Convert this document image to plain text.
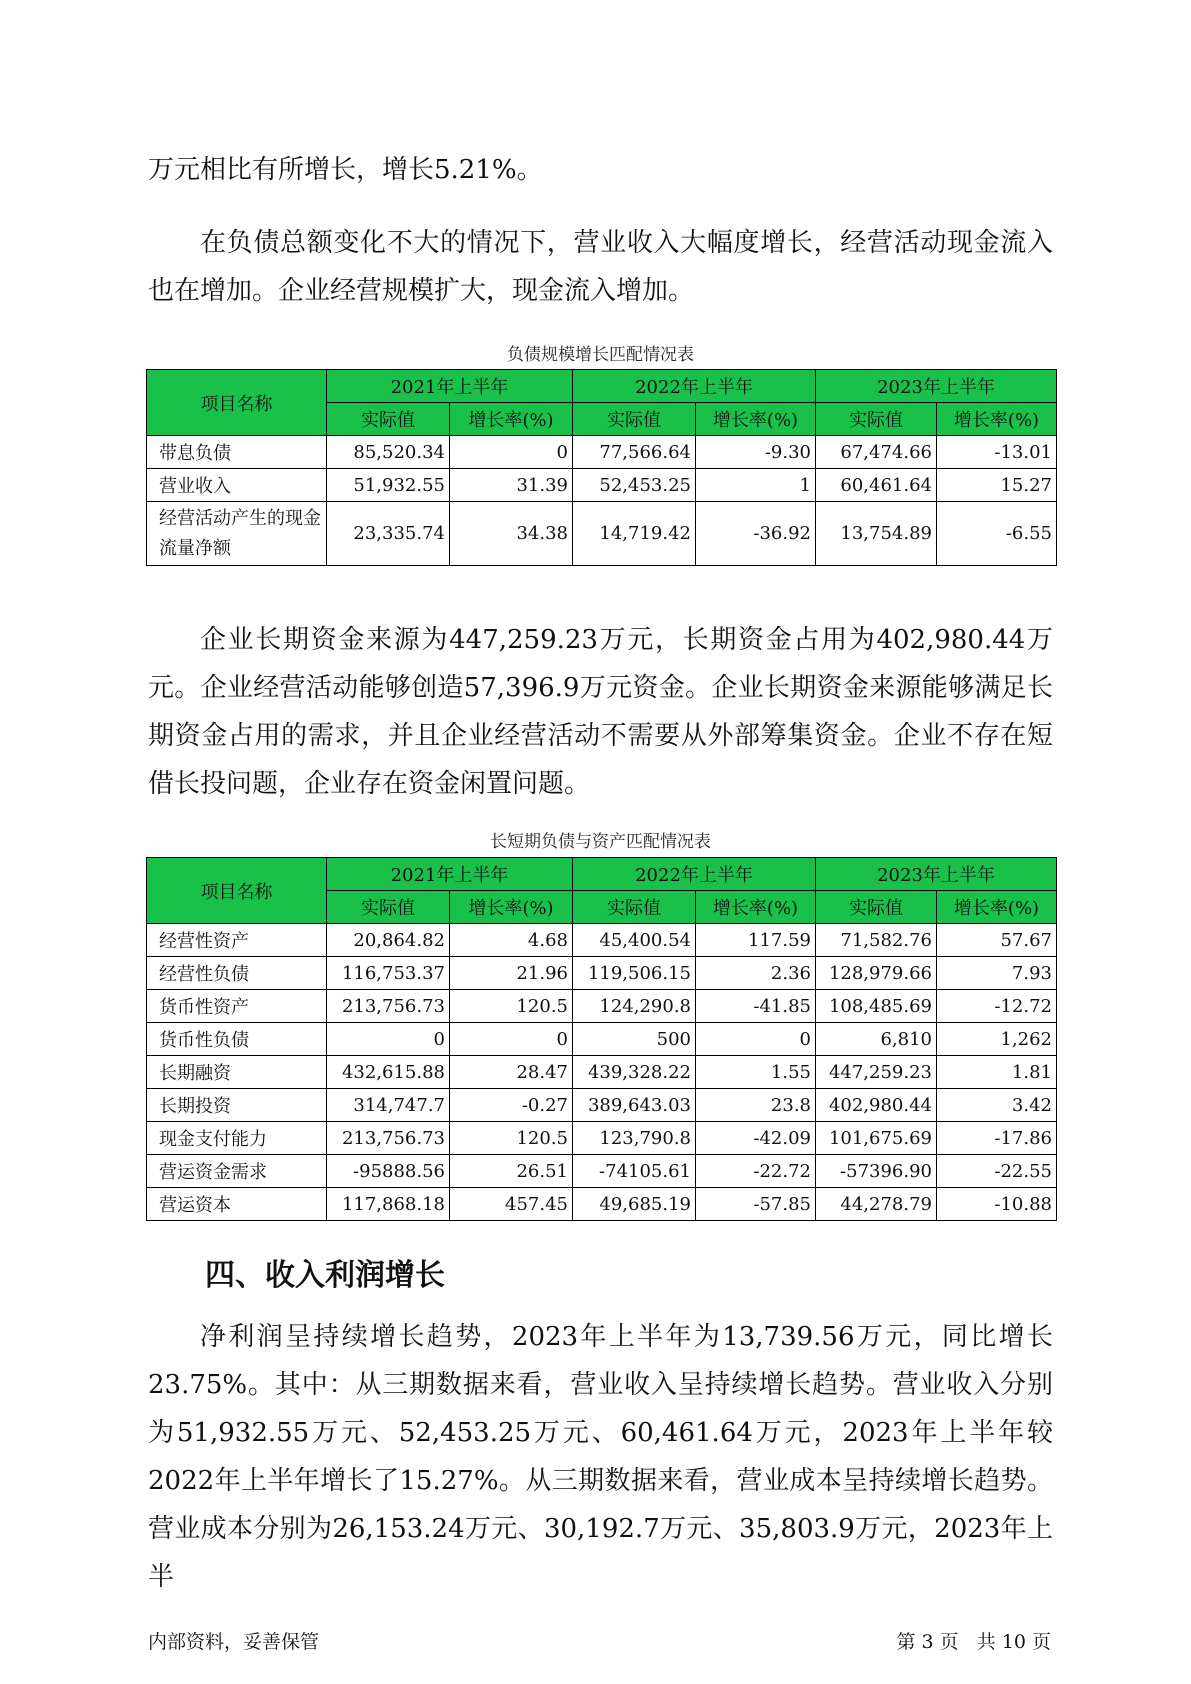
万元相比有所增长，增长5.21%。

在负债总额变化不大的情况下，营业收入大幅度增长，经营活动现金流入也在增加。企业经营规模扩大，现金流入增加。

负债规模增长匹配情况表
项目名称	2021年上半年		2022年上半年		2023年上半年	
	实际值	增长率(%)	实际值	增长率(%)	实际值	增长率(%)
带息负债	85,520.34	0	77,566.64	-9.30	67,474.66	-13.01
营业收入	51,932.55	31.39	52,453.25	1	60,461.64	15.27
经营活动产生的现金流量净额	23,335.74	34.38	14,719.42	-36.92	13,754.89	-6.55

企业长期资金来源为447,259.23万元，长期资金占用为402,980.44万元。企业经营活动能够创造57,396.9万元资金。企业长期资金来源能够满足长期资金占用的需求，并且企业经营活动不需要从外部筹集资金。企业不存在短借长投问题，企业存在资金闲置问题。

长短期负债与资产匹配情况表
项目名称	2021年上半年		2022年上半年		2023年上半年	
	实际值	增长率(%)	实际值	增长率(%)	实际值	增长率(%)
经营性资产	20,864.82	4.68	45,400.54	117.59	71,582.76	57.67
经营性负债	116,753.37	21.96	119,506.15	2.36	128,979.66	7.93
货币性资产	213,756.73	120.5	124,290.8	-41.85	108,485.69	-12.72
货币性负债	0	0	500	0	6,810	1,262
长期融资	432,615.88	28.47	439,328.22	1.55	447,259.23	1.81
长期投资	314,747.7	-0.27	389,643.03	23.8	402,980.44	3.42
现金支付能力	213,756.73	120.5	123,790.8	-42.09	101,675.69	-17.86
营运资金需求	-95888.56	26.51	-74105.61	-22.72	-57396.90	-22.55
营运资本	117,868.18	457.45	49,685.19	-57.85	44,278.79	-10.88
四、收入利润增长

净利润呈持续增长趋势，2023年上半年为13,739.56万元，同比增长23.75%。其中：从三期数据来看，营业收入呈持续增长趋势。营业收入分别为51,932.55万元、52,453.25万元、60,461.64万元，2023年上半年较2022年上半年增长了15.27%。从三期数据来看，营业成本呈持续增长趋势。营业成本分别为26,153.24万元、30,192.7万元、35,803.9万元，2023年上半

内部资料，妥善保管	第 3 页   共 10 页
